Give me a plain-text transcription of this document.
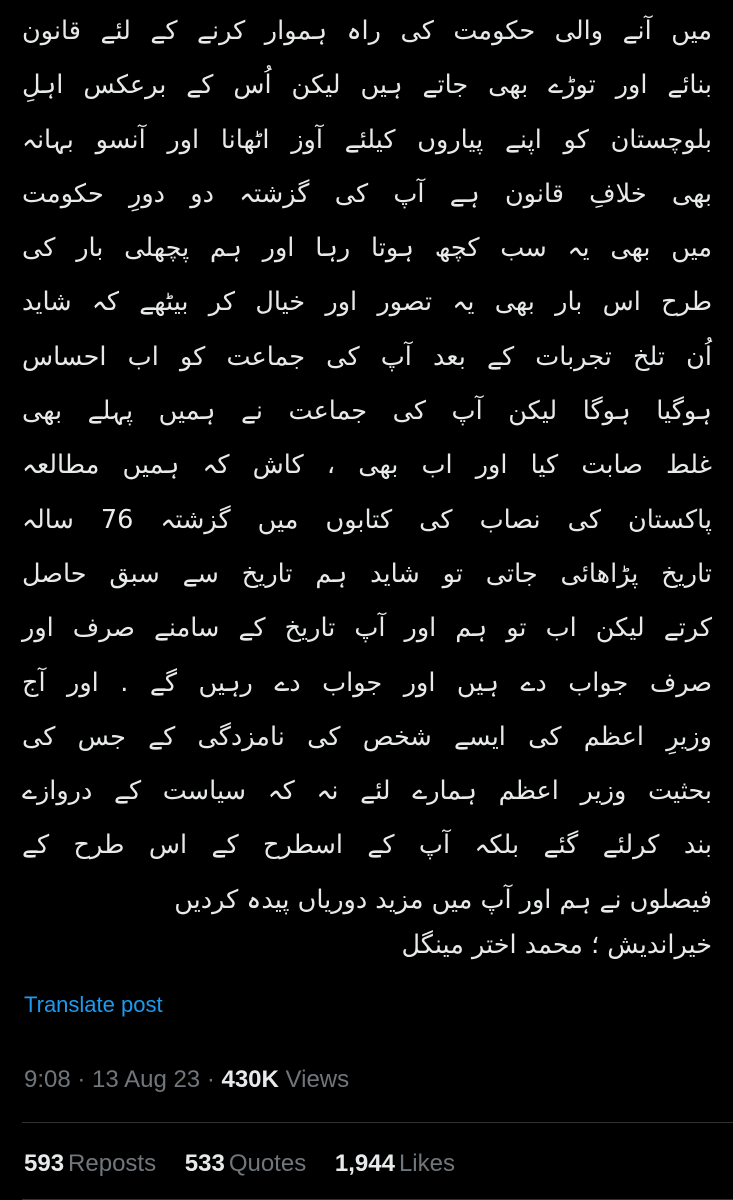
میں آنے والی حکومت کی راہ ہموار کرنے کے لئے قانون
بنائے اور توڑے بھی جاتے ہیں لیکن اُس کے برعکس اہلِ
بلوچستان کو اپنے پیاروں کیلئے آوز اٹھانا اور آنسو بہانہ
بھی خلافِ قانون ہے آپ کی گزشتہ دو دورِ حکومت
میں بھی یہ سب کچھ ہوتا رہا اور ہم پچھلی بار کی
طرح اس بار بھی یہ تصور اور خیال کر بیٹھے کہ شاید
اُن تلخ تجربات کے بعد آپ کی جماعت کو اب احساس
ہوگیا ہوگا لیکن آپ کی جماعت نے ہمیں پہلے بھی
غلط صابت کیا اور اب بھی ، کاش کہ ہمیں مطالعہ
پاکستان کی نصاب کی کتابوں میں گزشتہ 76 سالہ
تاریخ پڑاھائی جاتی تو شاید ہم تاریخ سے سبق حاصل
کرتے لیکن اب تو ہم اور آپ تاریخ کے سامنے صرف اور
صرف جواب دے ہیں اور جواب دے رہیں گے . اور آج
وزیرِ اعظم کی ایسے شخص کی نامزدگی کے جس کی
بحثیت وزیر اعظم ہمارے لئے نہ کہ سیاست کے دروازے
بند کرلئے گئے بلکہ آپ کے اسطرح کے اس طرح کے
فیصلوں نے ہم اور آپ میں مزید دوریاں پیدہ کردیں
خیراندیش ؛ محمد اختر مینگل
Translate post
9:08 · 13 Aug 23 · 430K Views
593 Reposts 533 Quotes 1,944 Likes
